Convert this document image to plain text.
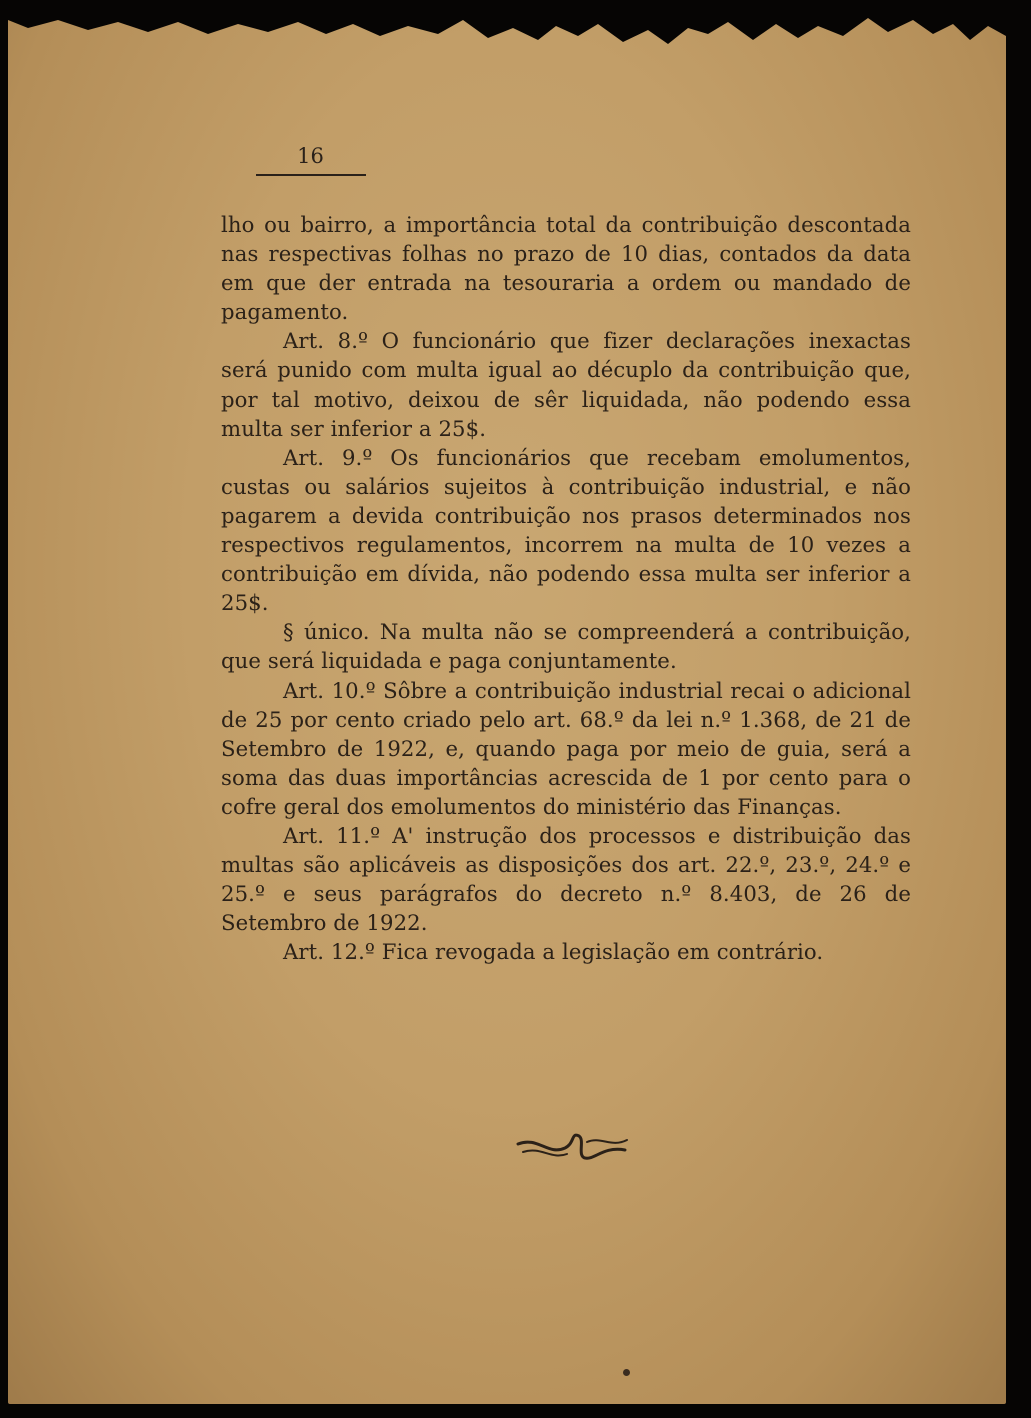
16

lho ou bairro, a importância total da contribuição descontada nas respectivas folhas no prazo de 10 dias, contados da data em que der entrada na tesouraria a ordem ou mandado de pagamento.

Art. 8.º O funcionário que fizer declarações inexactas será punido com multa igual ao décuplo da contribuição que, por tal motivo, deixou de sêr liquidada, não podendo essa multa ser inferior a 25$.

Art. 9.º Os funcionários que recebam emolumentos, custas ou salários sujeitos à contribuição industrial, e não pagarem a devida contribuição nos prasos determinados nos respectivos regulamentos, incorrem na multa de 10 vezes a contribuição em dívida, não podendo essa multa ser inferior a 25$.

§ único. Na multa não se compreenderá a contribuição, que será liquidada e paga conjuntamente.

Art. 10.º Sôbre a contribuição industrial recai o adicional de 25 por cento criado pelo art. 68.º da lei n.º 1.368, de 21 de Setembro de 1922, e, quando paga por meio de guia, será a soma das duas importâncias acrescida de 1 por cento para o cofre geral dos emolumentos do ministério das Finanças.

Art. 11.º A' instrução dos processos e distribuição das multas são aplicáveis as disposições dos art. 22.º, 23.º, 24.º e 25.º e seus parágrafos do decreto n.º 8.403, de 26 de Setembro de 1922.

Art. 12.º Fica revogada a legislação em contrário.
